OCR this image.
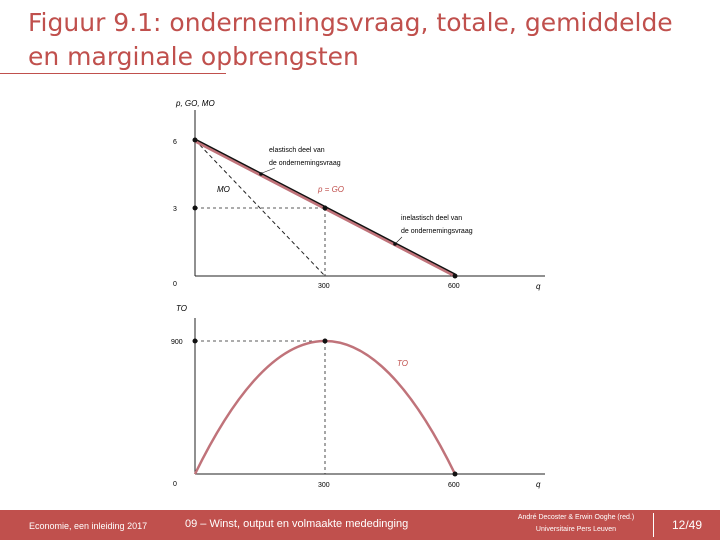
Figuur 9.1: ondernemingsvraag, totale, gemiddelde en marginale opbrengsten
p, GO, MO
q
6
3
0	300	600
elastisch deel van
de ondernemingsvraag
MO	p = GO
inelastisch deel van
de ondernemingsvraag
TO
q
900
0	300	600
TO
Economie, een inleiding 2017	09 – Winst, output en volmaakte mededinging
André Decoster & Erwin Ooghe (red.)
Universitaire Pers Leuven	12/49
